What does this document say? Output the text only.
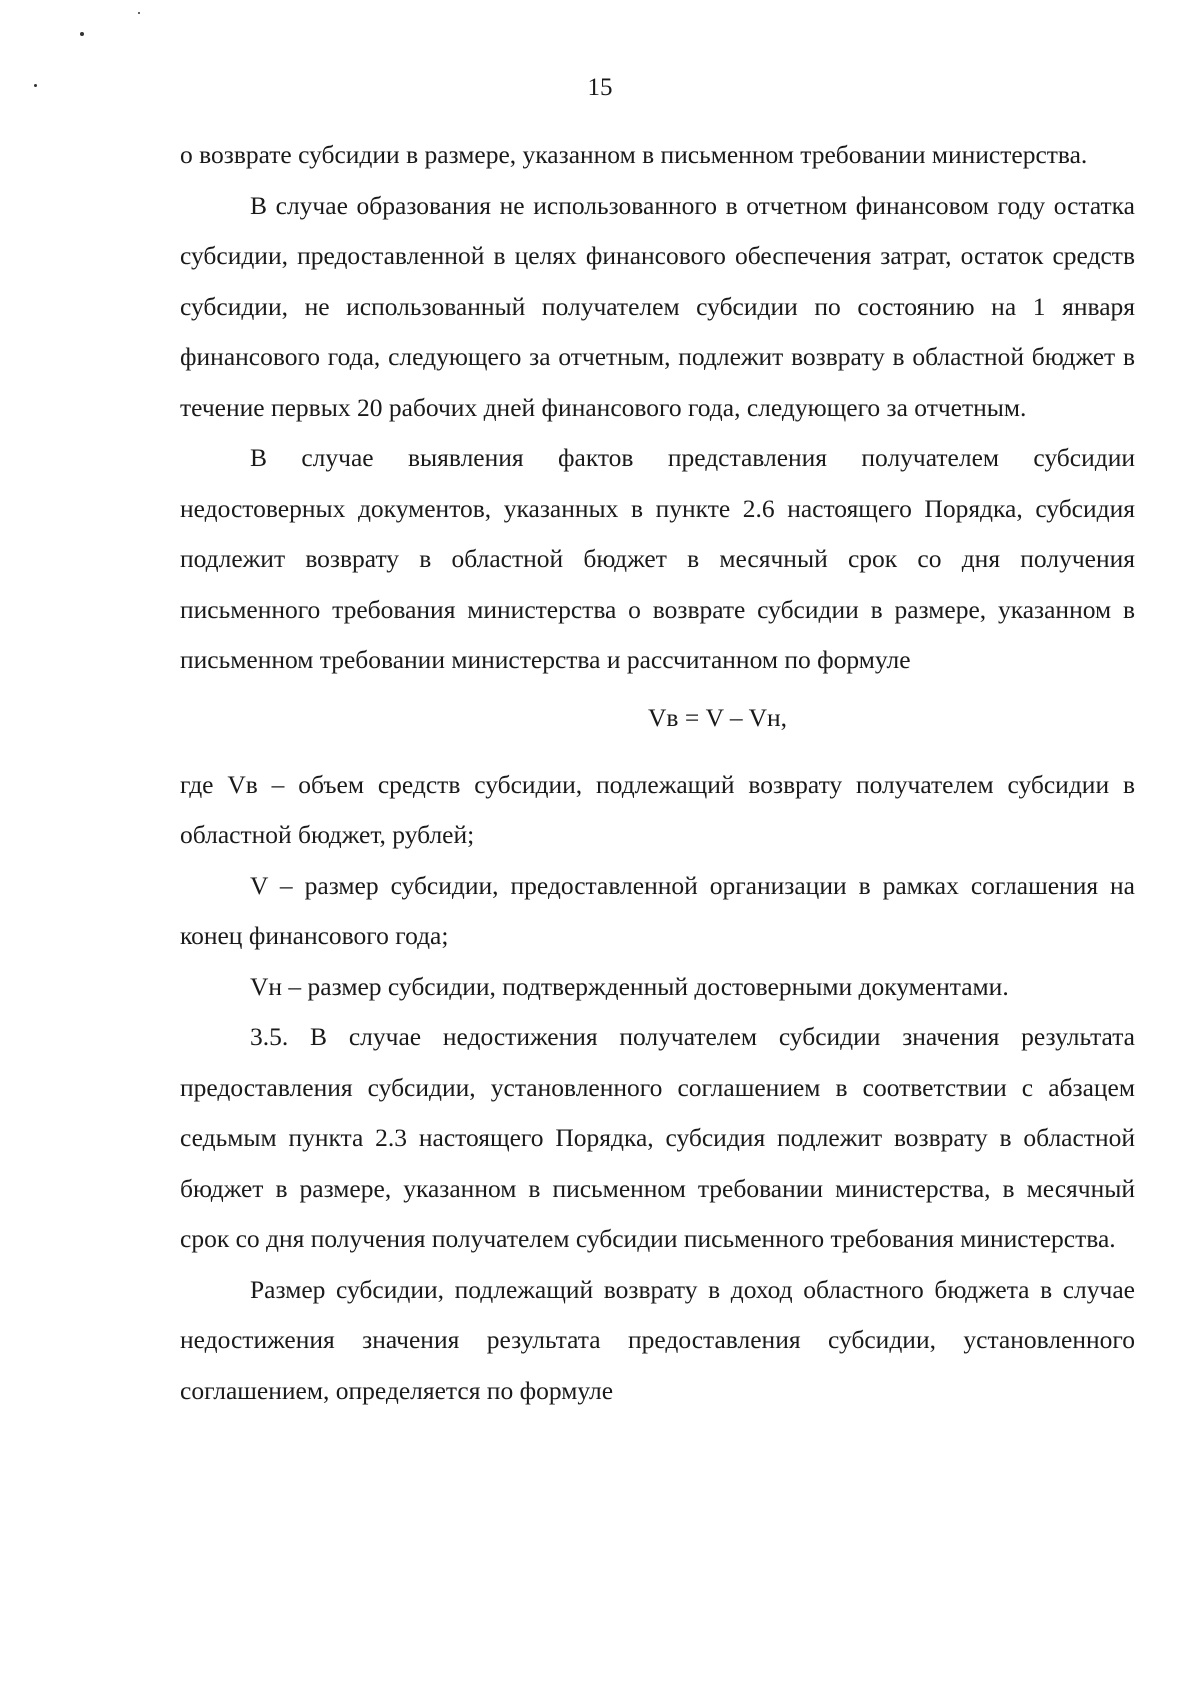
15

о возврате субсидии в размере, указанном в письменном требовании министерства.

В случае образования не использованного в отчетном финансовом году остатка субсидии, предоставленной в целях финансового обеспечения затрат, остаток средств субсидии, не использованный получателем субсидии по состоянию на 1 января финансового года, следующего за отчетным, подлежит возврату в областной бюджет в течение первых 20 рабочих дней финансового года, следующего за отчетным.

В случае выявления фактов представления получателем субсидии недостоверных документов, указанных в пункте 2.6 настоящего Порядка, субсидия подлежит возврату в областной бюджет в месячный срок со дня получения письменного требования министерства о возврате субсидии в размере, указанном в письменном требовании министерства и рассчитанном по формуле

Vв = V – Vн,

где Vв – объем средств субсидии, подлежащий возврату получателем субсидии в областной бюджет, рублей;

V – размер субсидии, предоставленной организации в рамках соглашения на конец финансового года;

Vн – размер субсидии, подтвержденный достоверными документами.

3.5. В случае недостижения получателем субсидии значения результата предоставления субсидии, установленного соглашением в соответствии с абзацем седьмым пункта 2.3 настоящего Порядка, субсидия подлежит возврату в областной бюджет в размере, указанном в письменном требовании министерства, в месячный срок со дня получения получателем субсидии письменного требования министерства.

Размер субсидии, подлежащий возврату в доход областного бюджета в случае недостижения значения результата предоставления субсидии, установленного соглашением, определяется по формуле
